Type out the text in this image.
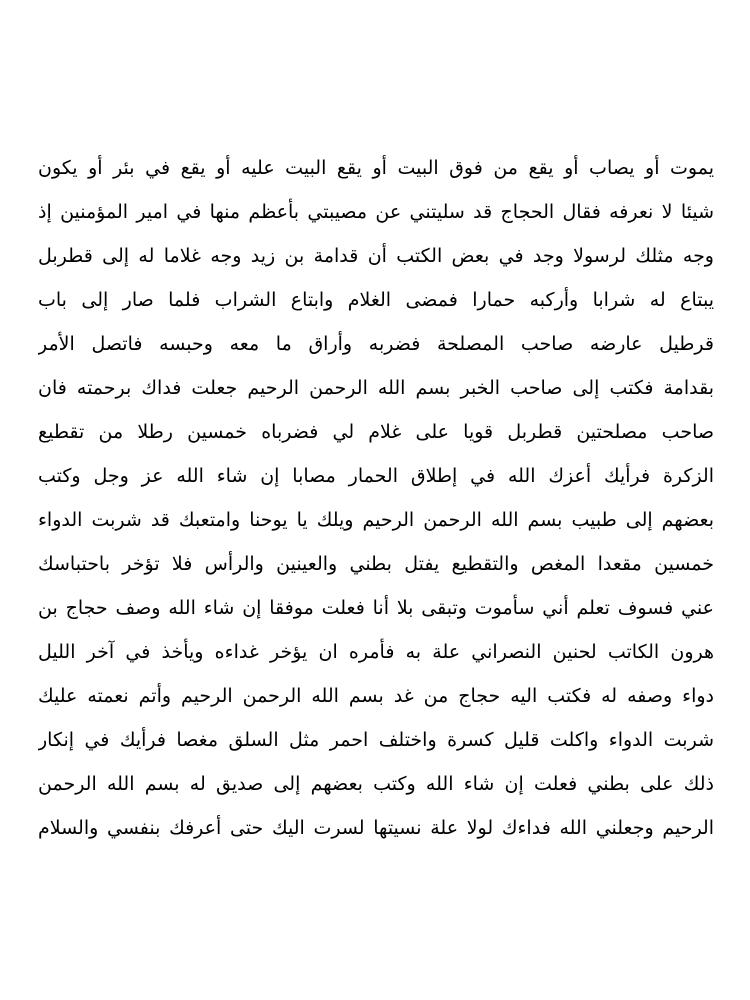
يموت أو يصاب أو يقع من فوق البيت أو يقع البيت عليه أو يقع في بئر أو يكون
شيئا لا نعرفه فقال الحجاج قد سليتني عن مصيبتي بأعظم منها في امير المؤمنين إذ
وجه مثلك لرسولا وجد في بعض الكتب أن قدامة بن زيد وجه غلاما له إلى قطربل
يبتاع له شرابا وأركبه حمارا فمضى الغلام وابتاع الشراب فلما صار إلى باب
قرطيل عارضه صاحب المصلحة فضربه وأراق ما معه وحبسه فاتصل الأمر
بقدامة فكتب إلى صاحب الخبر بسم الله الرحمن الرحيم جعلت فداك برحمته فان
صاحب مصلحتين قطربل قويا على غلام لي فضرباه خمسين رطلا من تقطيع
الزكرة فرأيك أعزك الله في إطلاق الحمار مصابا إن شاء الله عز وجل وكتب
بعضهم إلى طبيب بسم الله الرحمن الرحيم ويلك يا يوحنا وامتعبك قد شربت الدواء
خمسين مقعدا المغص والتقطيع يفتل بطني والعينين والرأس فلا تؤخر باحتباسك
عني فسوف تعلم أني سأموت وتبقى بلا أنا فعلت موفقا إن شاء الله وصف حجاج بن
هرون الكاتب لحنين النصراني علة به فأمره ان يؤخر غداءه ويأخذ في آخر الليل
دواء وصفه له فكتب اليه حجاج من غد بسم الله الرحمن الرحيم وأتم نعمته عليك
شربت الدواء واكلت قليل كسرة واختلف احمر مثل السلق مغصا فرأيك في إنكار
ذلك على بطني فعلت إن شاء الله وكتب بعضهم إلى صديق له بسم الله الرحمن
الرحيم وجعلني الله فداءك لولا علة نسيتها لسرت اليك حتى أعرفك بنفسي والسلام
